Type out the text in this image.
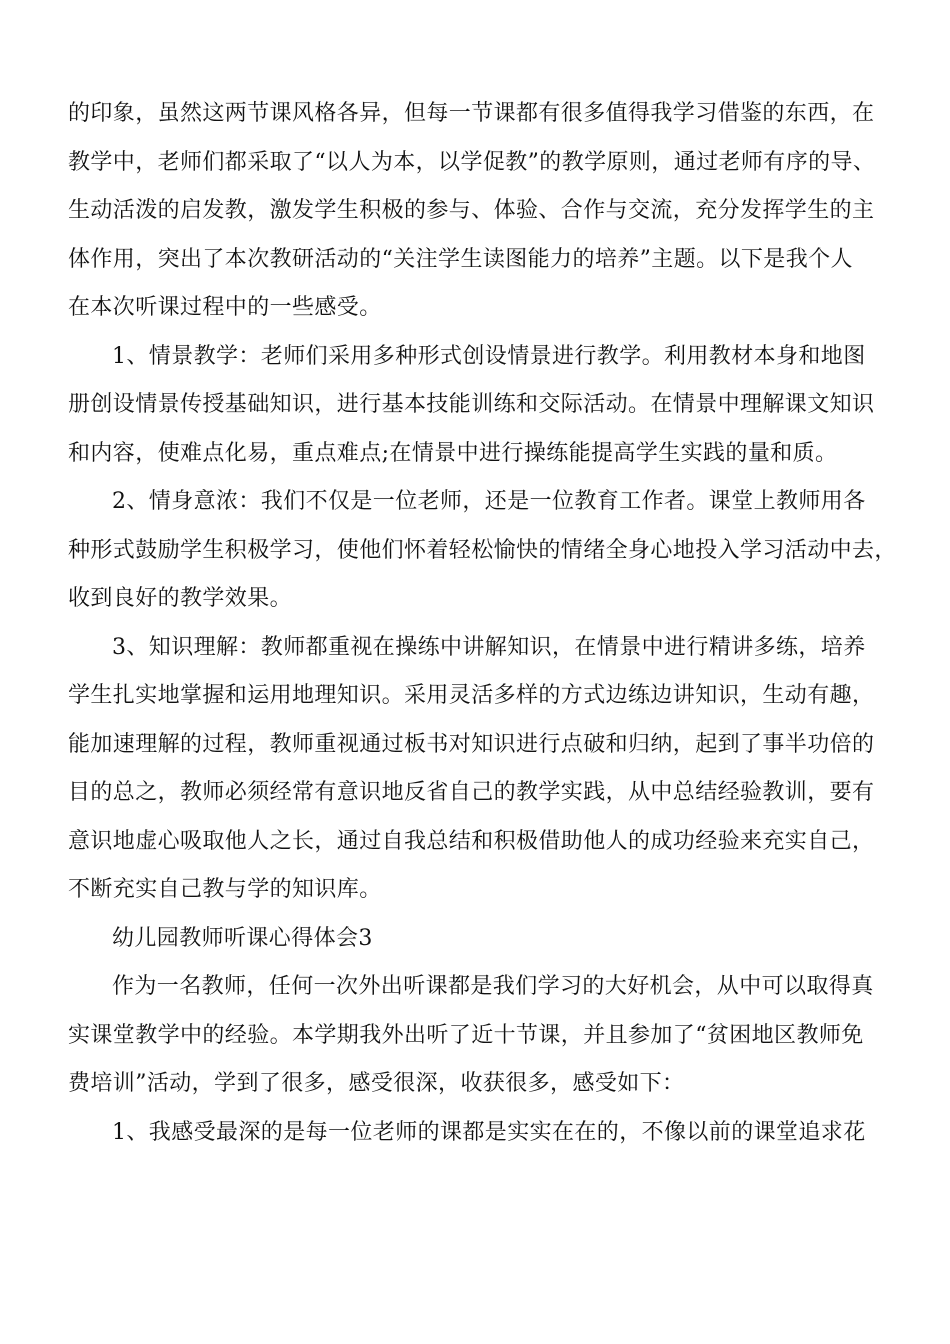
的印象，虽然这两节课风格各异，但每一节课都有很多值得我学习借鉴的东西，在
教学中，老师们都采取了“以人为本，以学促教”的教学原则，通过老师有序的导、
生动活泼的启发教，激发学生积极的参与、体验、合作与交流，充分发挥学生的主
体作用，突出了本次教研活动的“关注学生读图能力的培养”主题。以下是我个人
在本次听课过程中的一些感受。
1、情景教学：老师们采用多种形式创设情景进行教学。利用教材本身和地图
册创设情景传授基础知识，进行基本技能训练和交际活动。在情景中理解课文知识
和内容，使难点化易，重点难点;在情景中进行操练能提高学生实践的量和质。
2、情身意浓：我们不仅是一位老师，还是一位教育工作者。课堂上教师用各
种形式鼓励学生积极学习，使他们怀着轻松愉快的情绪全身心地投入学习活动中去，
收到良好的教学效果。
3、知识理解：教师都重视在操练中讲解知识，在情景中进行精讲多练，培养
学生扎实地掌握和运用地理知识。采用灵活多样的方式边练边讲知识，生动有趣，
能加速理解的过程，教师重视通过板书对知识进行点破和归纳，起到了事半功倍的
目的总之，教师必须经常有意识地反省自己的教学实践，从中总结经验教训，要有
意识地虚心吸取他人之长，通过自我总结和积极借助他人的成功经验来充实自己，
不断充实自己教与学的知识库。
幼儿园教师听课心得体会3
作为一名教师，任何一次外出听课都是我们学习的大好机会，从中可以取得真
实课堂教学中的经验。本学期我外出听了近十节课，并且参加了“贫困地区教师免
费培训”活动，学到了很多，感受很深，收获很多，感受如下：
1、我感受最深的是每一位老师的课都是实实在在的，不像以前的课堂追求花
